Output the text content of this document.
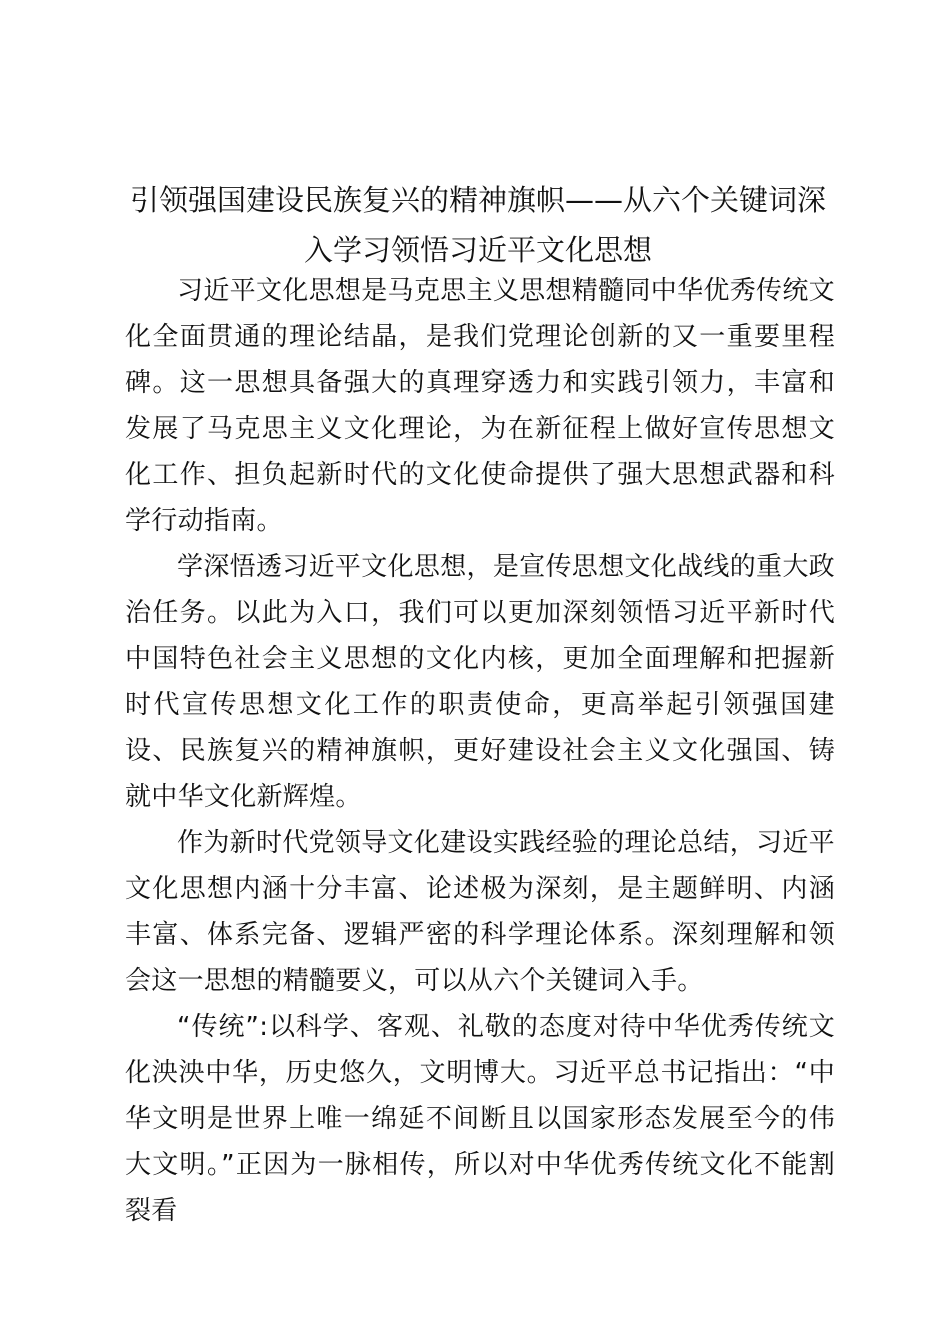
引领强国建设民族复兴的精神旗帜——从六个关键词深入学习领悟习近平文化思想

习近平文化思想是马克思主义思想精髓同中华优秀传统文化全面贯通的理论结晶，是我们党理论创新的又一重要里程碑。这一思想具备强大的真理穿透力和实践引领力，丰富和发展了马克思主义文化理论，为在新征程上做好宣传思想文化工作、担负起新时代的文化使命提供了强大思想武器和科学行动指南。

学深悟透习近平文化思想，是宣传思想文化战线的重大政治任务。以此为入口，我们可以更加深刻领悟习近平新时代中国特色社会主义思想的文化内核，更加全面理解和把握新时代宣传思想文化工作的职责使命，更高举起引领强国建设、民族复兴的精神旗帜，更好建设社会主义文化强国、铸就中华文化新辉煌。

作为新时代党领导文化建设实践经验的理论总结，习近平文化思想内涵十分丰富、论述极为深刻，是主题鲜明、内涵丰富、体系完备、逻辑严密的科学理论体系。深刻理解和领会这一思想的精髓要义，可以从六个关键词入手。

“传统”:以科学、客观、礼敬的态度对待中华优秀传统文化泱泱中华，历史悠久，文明博大。习近平总书记指出：“中华文明是世界上唯一绵延不间断且以国家形态发展至今的伟大文明。”正因为一脉相传，所以对中华优秀传统文化不能割裂看
